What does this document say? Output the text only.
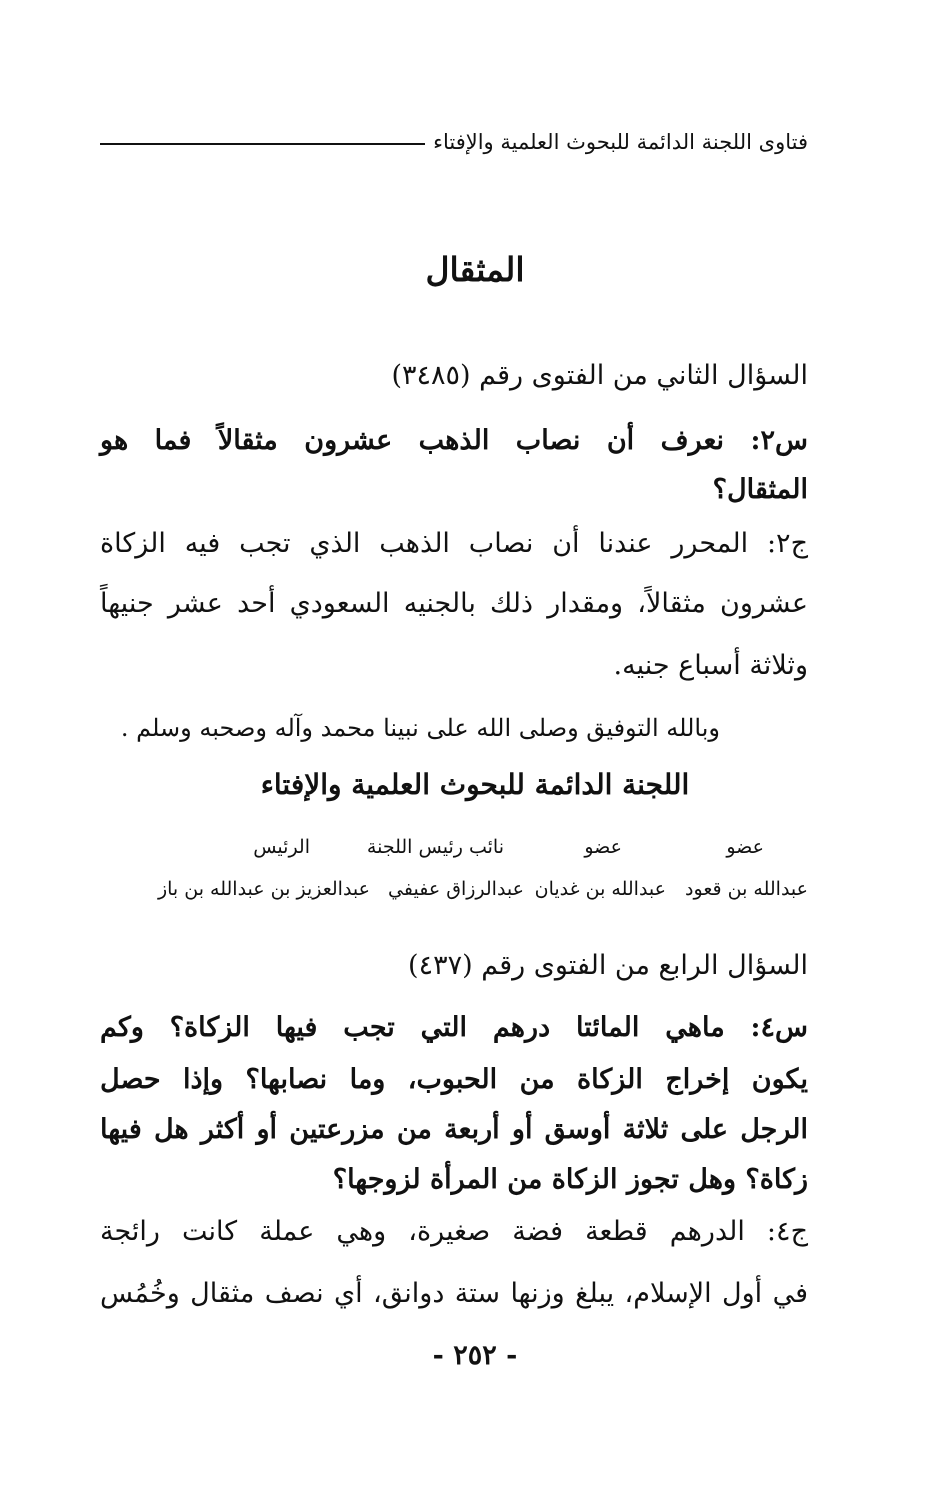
فتاوى اللجنة الدائمة للبحوث العلمية والإفتاء
المثقال
السؤال الثاني من الفتوى رقم (٣٤٨٥)
س٢: نعرف أن نصاب الذهب عشرون مثقالاً فما هو
المثقال؟
ج٢: المحرر عندنا أن نصاب الذهب الذي تجب فيه الزكاة
عشرون مثقالاً، ومقدار ذلك بالجنيه السعودي أحد عشر جنيهاً
وثلاثة أسباع جنيه.
وبالله التوفيق وصلى الله على نبينا محمد وآله وصحبه وسلم .
اللجنة الدائمة للبحوث العلمية والإفتاء
عضو
عضو
نائب رئيس اللجنة
الرئيس
عبدالله بن قعود
عبدالله بن غديان
عبدالرزاق عفيفي
عبدالعزيز بن عبدالله بن باز
السؤال الرابع من الفتوى رقم (٤٣٧)
س٤: ماهي المائتا درهم التي تجب فيها الزكاة؟ وكم
يكون إخراج الزكاة من الحبوب، وما نصابها؟ وإذا حصل
الرجل على ثلاثة أوسق أو أربعة من مزرعتين أو أكثر هل فيها
زكاة؟ وهل تجوز الزكاة من المرأة لزوجها؟
ج٤: الدرهم قطعة فضة صغيرة، وهي عملة كانت رائجة
في أول الإسلام، يبلغ وزنها ستة دوانق، أي نصف مثقال وخُمُس
- ٢٥٢ -
